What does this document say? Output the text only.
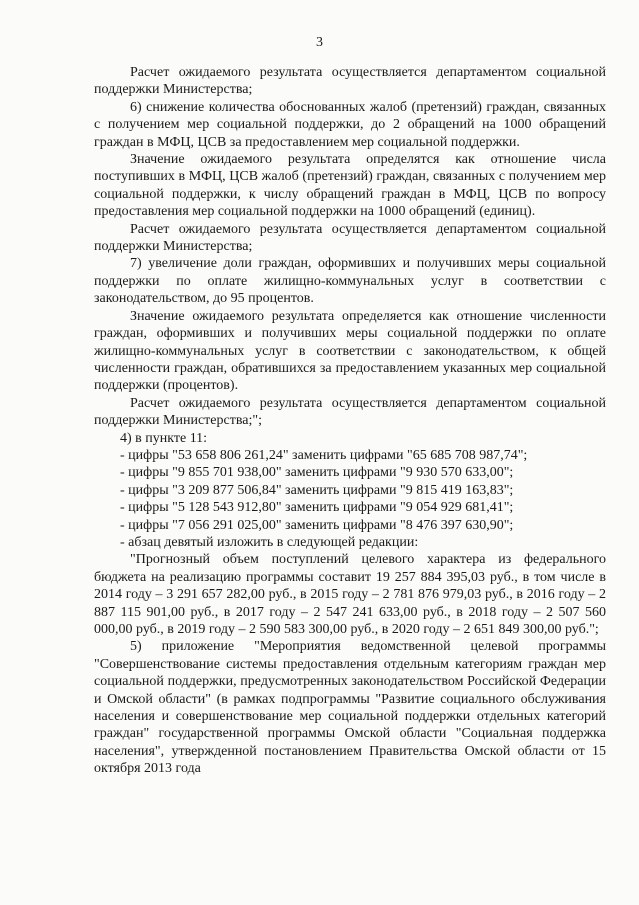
3

Расчет ожидаемого результата осуществляется департаментом социальной поддержки Министерства;

6) снижение количества обоснованных жалоб (претензий) граждан, связанных с получением мер социальной поддержки, до 2 обращений на 1000 обращений граждан в МФЦ, ЦСВ за предоставлением мер социальной поддержки.

Значение ожидаемого результата определятся как отношение числа поступивших в МФЦ, ЦСВ жалоб (претензий) граждан, связанных с получением мер социальной поддержки, к числу обращений граждан в МФЦ, ЦСВ по вопросу предоставления мер социальной поддержки на 1000 обращений (единиц).

Расчет ожидаемого результата осуществляется департаментом социальной поддержки Министерства;

7) увеличение доли граждан, оформивших и получивших меры социальной поддержки по оплате жилищно-коммунальных услуг в соответствии с законодательством, до 95 процентов.

Значение ожидаемого результата определяется как отношение численности граждан, оформивших и получивших меры социальной поддержки по оплате жилищно-коммунальных услуг в соответствии с законодательством, к общей численности граждан, обратившихся за предоставлением указанных мер социальной поддержки (процентов).

Расчет ожидаемого результата осуществляется департаментом социальной поддержки Министерства;";

4) в пункте 11:

- цифры "53 658 806 261,24" заменить цифрами "65 685 708 987,74";

- цифры "9 855 701 938,00" заменить цифрами "9 930 570 633,00";

- цифры "3 209 877 506,84" заменить цифрами "9 815 419 163,83";

- цифры "5 128 543 912,80" заменить цифрами "9 054 929 681,41";

- цифры "7 056 291 025,00" заменить цифрами "8 476 397 630,90";

- абзац девятый изложить в следующей редакции:

"Прогнозный объем поступлений целевого характера из федерального бюджета на реализацию программы составит 19 257 884 395,03 руб., в том числе в 2014 году – 3 291 657 282,00 руб., в 2015 году – 2 781 876 979,03 руб., в 2016 году – 2 887 115 901,00 руб., в 2017 году – 2 547 241 633,00 руб., в 2018 году – 2 507 560 000,00 руб., в 2019 году – 2 590 583 300,00 руб., в 2020 году – 2 651 849 300,00 руб.";

5) приложение "Мероприятия ведомственной целевой программы "Совершенствование системы предоставления отдельным категориям граждан мер социальной поддержки, предусмотренных законодательством Российской Федерации и Омской области" (в рамках подпрограммы "Развитие социального обслуживания населения и совершенствование мер социальной поддержки отдельных категорий граждан" государственной программы Омской области "Социальная поддержка населения", утвержденной постановлением Правительства Омской области от 15 октября 2013 года
